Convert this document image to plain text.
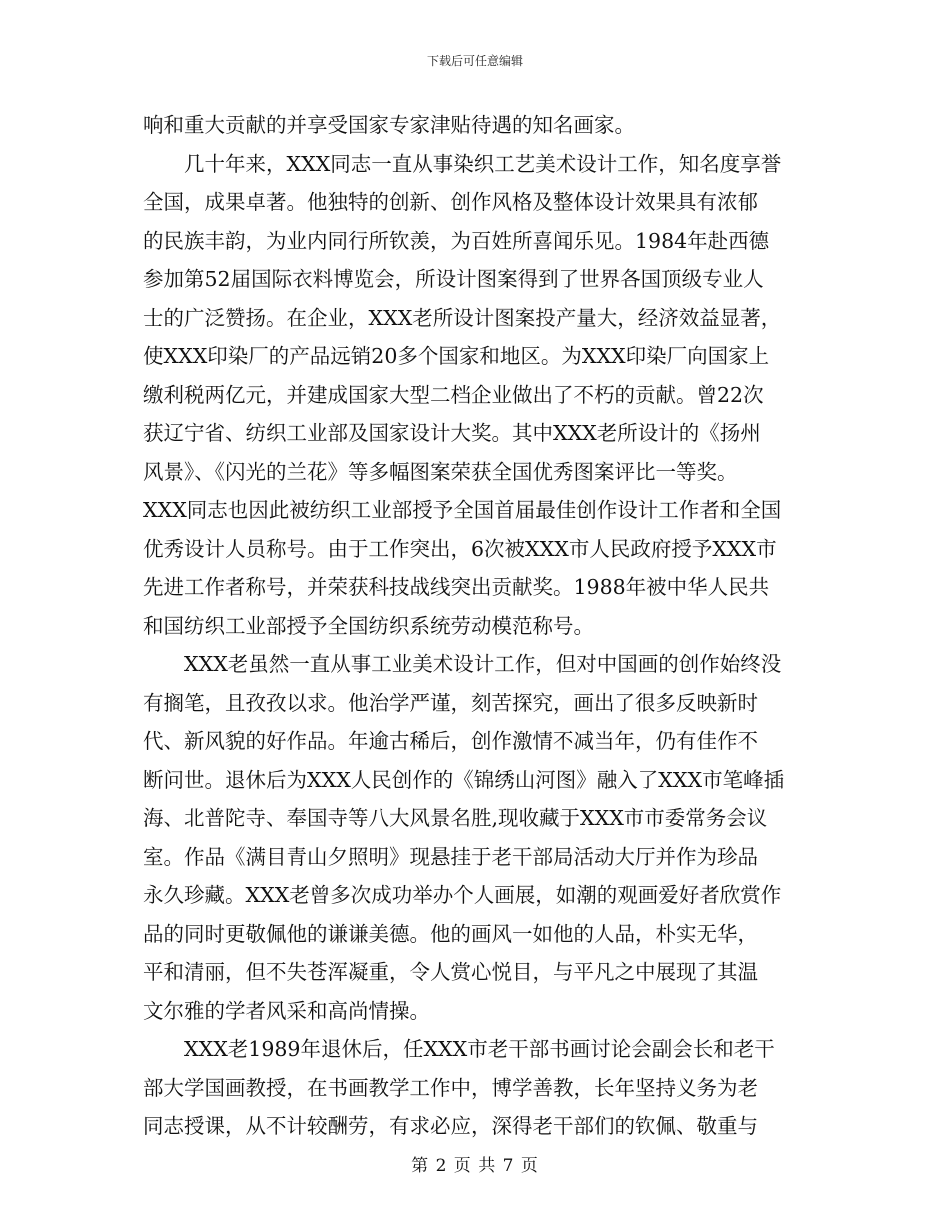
下载后可任意编辑
响和重大贡献的并享受国家专家津贴待遇的知名画家。
几十年来，XXX同志一直从事染织工艺美术设计工作，知名度享誉
全国，成果卓著。他独特的创新、创作风格及整体设计效果具有浓郁
的民族丰韵，为业内同行所钦羡，为百姓所喜闻乐见。1984年赴西德
参加第52届国际衣料博览会，所设计图案得到了世界各国顶级专业人
士的广泛赞扬。在企业，XXX老所设计图案投产量大，经济效益显著，
使XXX印染厂的产品远销20多个国家和地区。为XXX印染厂向国家上
缴利税两亿元，并建成国家大型二档企业做出了不朽的贡献。曾22次
获辽宁省、纺织工业部及国家设计大奖。其中XXX老所设计的《扬州
风景》、《闪光的兰花》等多幅图案荣获全国优秀图案评比一等奖。
XXX同志也因此被纺织工业部授予全国首届最佳创作设计工作者和全国
优秀设计人员称号。由于工作突出，6次被XXX市人民政府授予XXX市
先进工作者称号，并荣获科技战线突出贡献奖。1988年被中华人民共
和国纺织工业部授予全国纺织系统劳动模范称号。
XXX老虽然一直从事工业美术设计工作，但对中国画的创作始终没
有搁笔，且孜孜以求。他治学严谨，刻苦探究，画出了很多反映新时
代、新风貌的好作品。年逾古稀后，创作激情不减当年，仍有佳作不
断问世。退休后为XXX人民创作的《锦绣山河图》融入了XXX市笔峰插
海、北普陀寺、奉国寺等八大风景名胜,现收藏于XXX市市委常务会议
室。作品《满目青山夕照明》现悬挂于老干部局活动大厅并作为珍品
永久珍藏。XXX老曾多次成功举办个人画展，如潮的观画爱好者欣赏作
品的同时更敬佩他的谦谦美德。他的画风一如他的人品，朴实无华，
平和清丽，但不失苍浑凝重，令人赏心悦目，与平凡之中展现了其温
文尔雅的学者风采和高尚情操。
XXX老1989年退休后，任XXX市老干部书画讨论会副会长和老干
部大学国画教授，在书画教学工作中，博学善教，长年坚持义务为老
同志授课，从不计较酬劳，有求必应，深得老干部们的钦佩、敬重与
第 2 页 共 7 页
